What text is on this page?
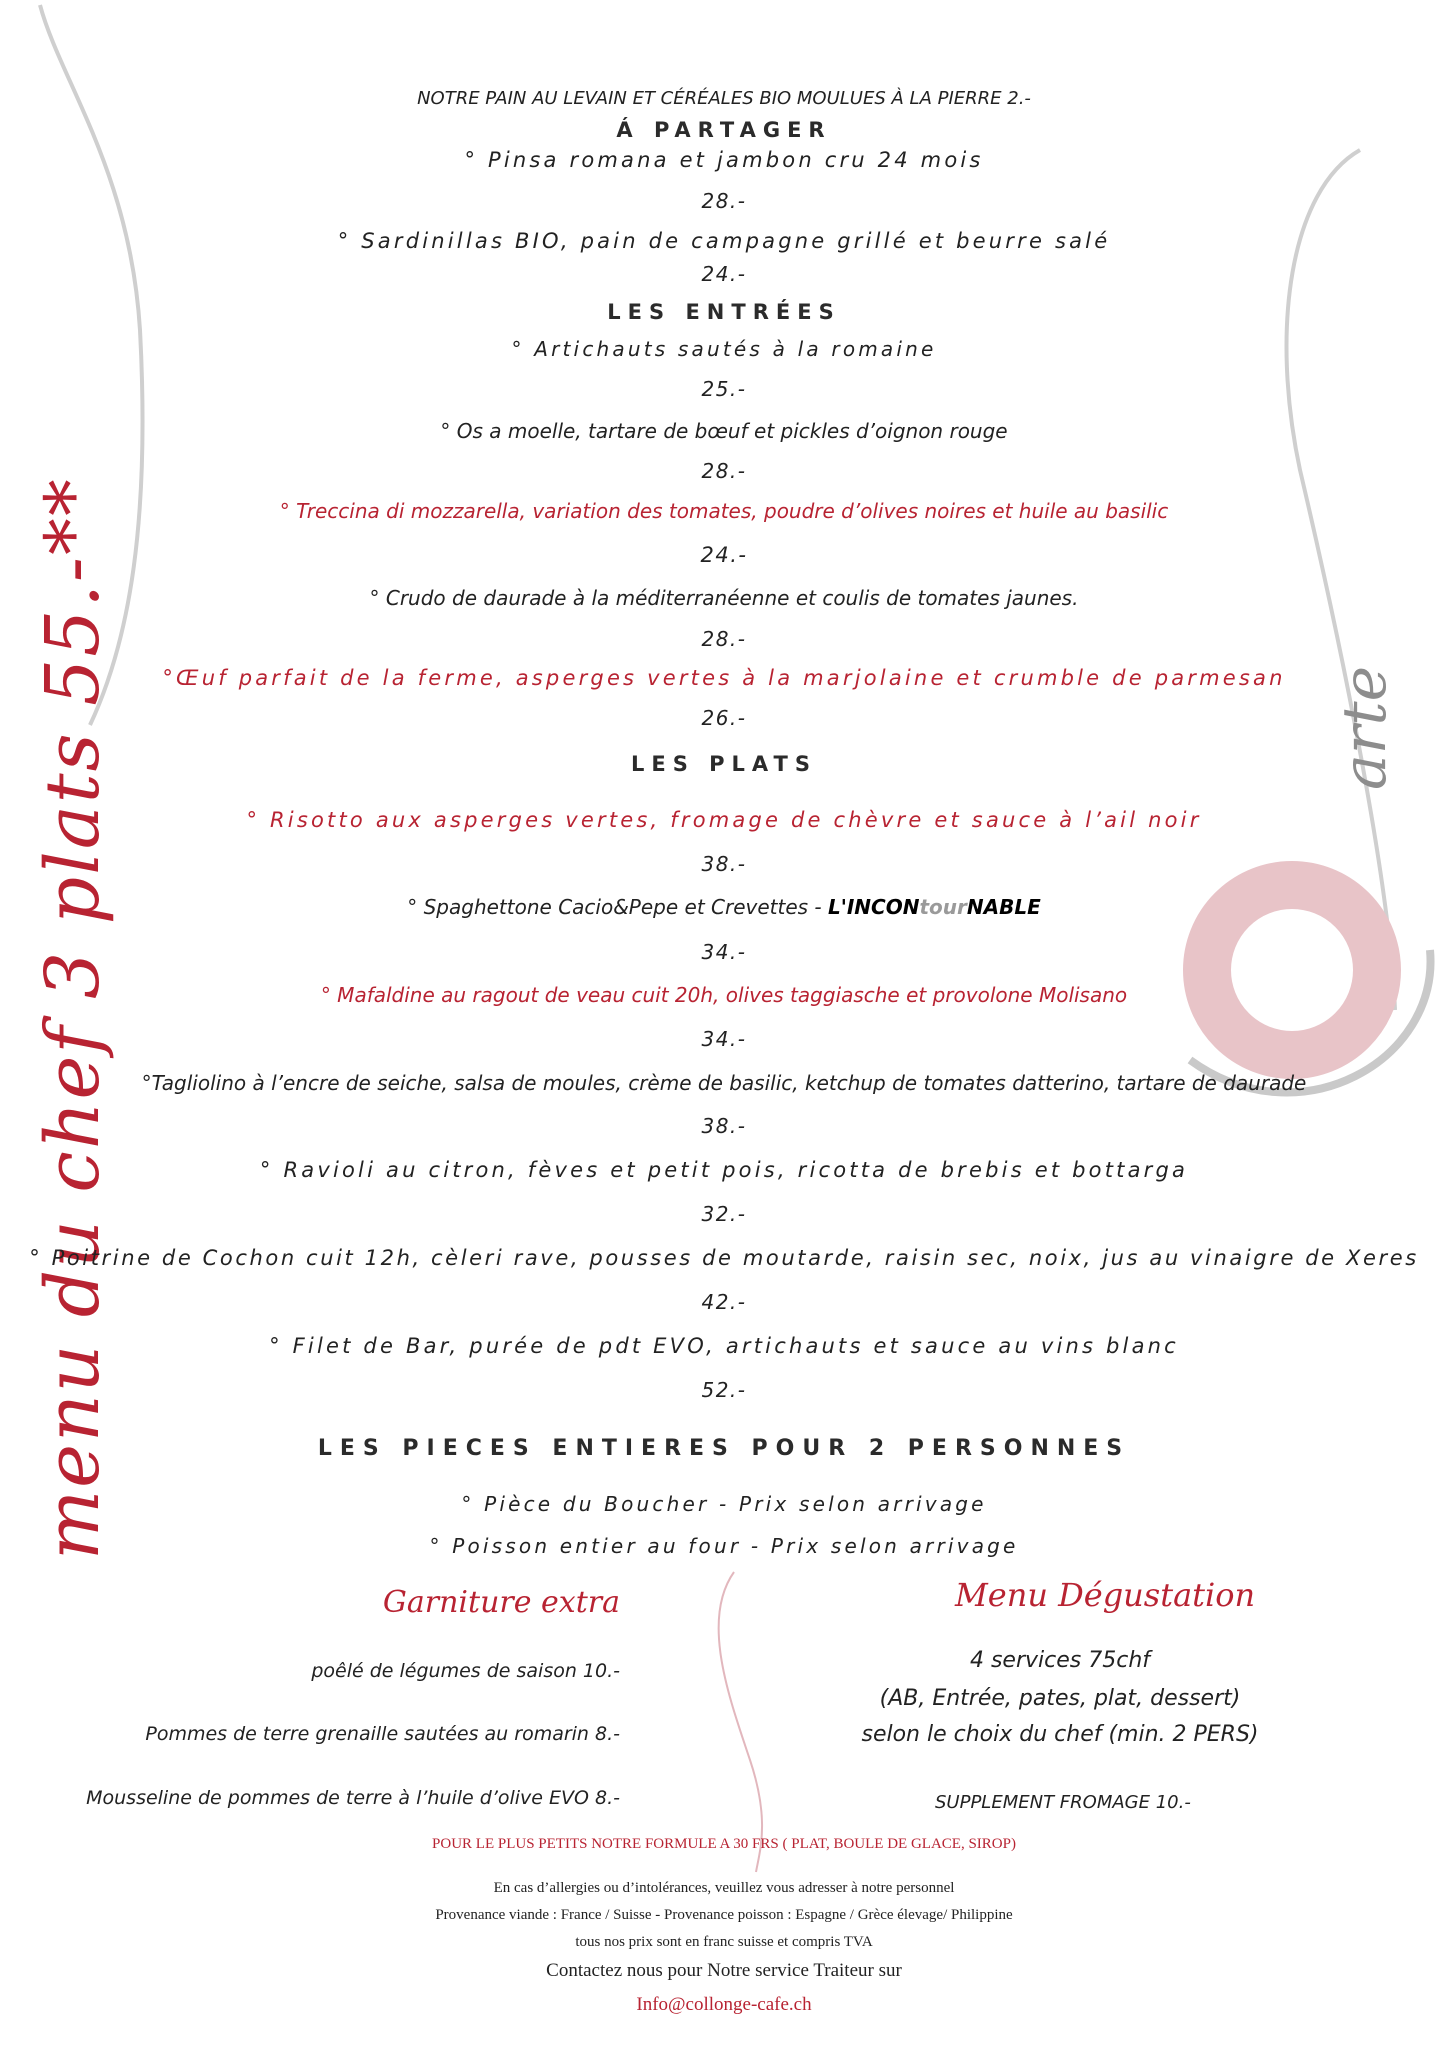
arte
menu du chef 3 plats 55.-**
NOTRE PAIN AU LEVAIN ET CÉRÉALES BIO MOULUES À LA PIERRE 2.-
Á PARTAGER
° Pinsa romana et jambon cru 24 mois
28.-
° Sardinillas BIO, pain de campagne grillé et beurre salé
24.-
LES ENTRÉES
° Artichauts sautés à la romaine
25.-
° Os a moelle, tartare de bœuf et pickles d’oignon rouge
28.-
° Treccina di mozzarella, variation des tomates, poudre d’olives noires et huile au basilic
24.-
° Crudo de daurade à la méditerranéenne et coulis de tomates jaunes.
28.-
°Œuf parfait de la ferme, asperges vertes à la marjolaine et crumble de parmesan
26.-
LES PLATS
° Risotto aux asperges vertes, fromage de chèvre et sauce à l’ail noir
38.-
° Spaghettone Cacio&Pepe et Crevettes - L'INCONtourNABLE
34.-
° Mafaldine au ragout de veau cuit 20h, olives taggiasche et provolone Molisano
34.-
°Tagliolino à l’encre de seiche, salsa de moules, crème de basilic, ketchup de tomates datterino, tartare de daurade
38.-
° Ravioli au citron, fèves et petit pois, ricotta de brebis et bottarga
32.-
° Poitrine de Cochon cuit 12h, cèleri rave, pousses de moutarde, raisin sec, noix, jus au vinaigre de Xeres
42.-
° Filet de Bar, purée de pdt EVO, artichauts et sauce au vins blanc
52.-
LES PIECES ENTIERES POUR 2 PERSONNES
° Pièce du Boucher - Prix selon arrivage
° Poisson entier au four - Prix selon arrivage
Garniture extra
poêlé de légumes de saison 10.-
Pommes de terre grenaille sautées au romarin 8.-
Mousseline de pommes de terre à l’huile d’olive EVO 8.-
Menu Dégustation
4 services 75chf
(AB, Entrée, pates, plat, dessert)
selon le choix du chef (min. 2 PERS)
SUPPLEMENT FROMAGE 10.-
POUR LE PLUS PETITS NOTRE FORMULE A 30 FRS ( PLAT, BOULE DE GLACE, SIROP)
En cas d’allergies ou d’intolérances, veuillez vous adresser à notre personnel
Provenance viande : France / Suisse - Provenance poisson : Espagne / Grèce élevage/ Philippine
tous nos prix sont en franc suisse et compris TVA
Contactez nous pour Notre service Traiteur sur
Info@collonge-cafe.ch
